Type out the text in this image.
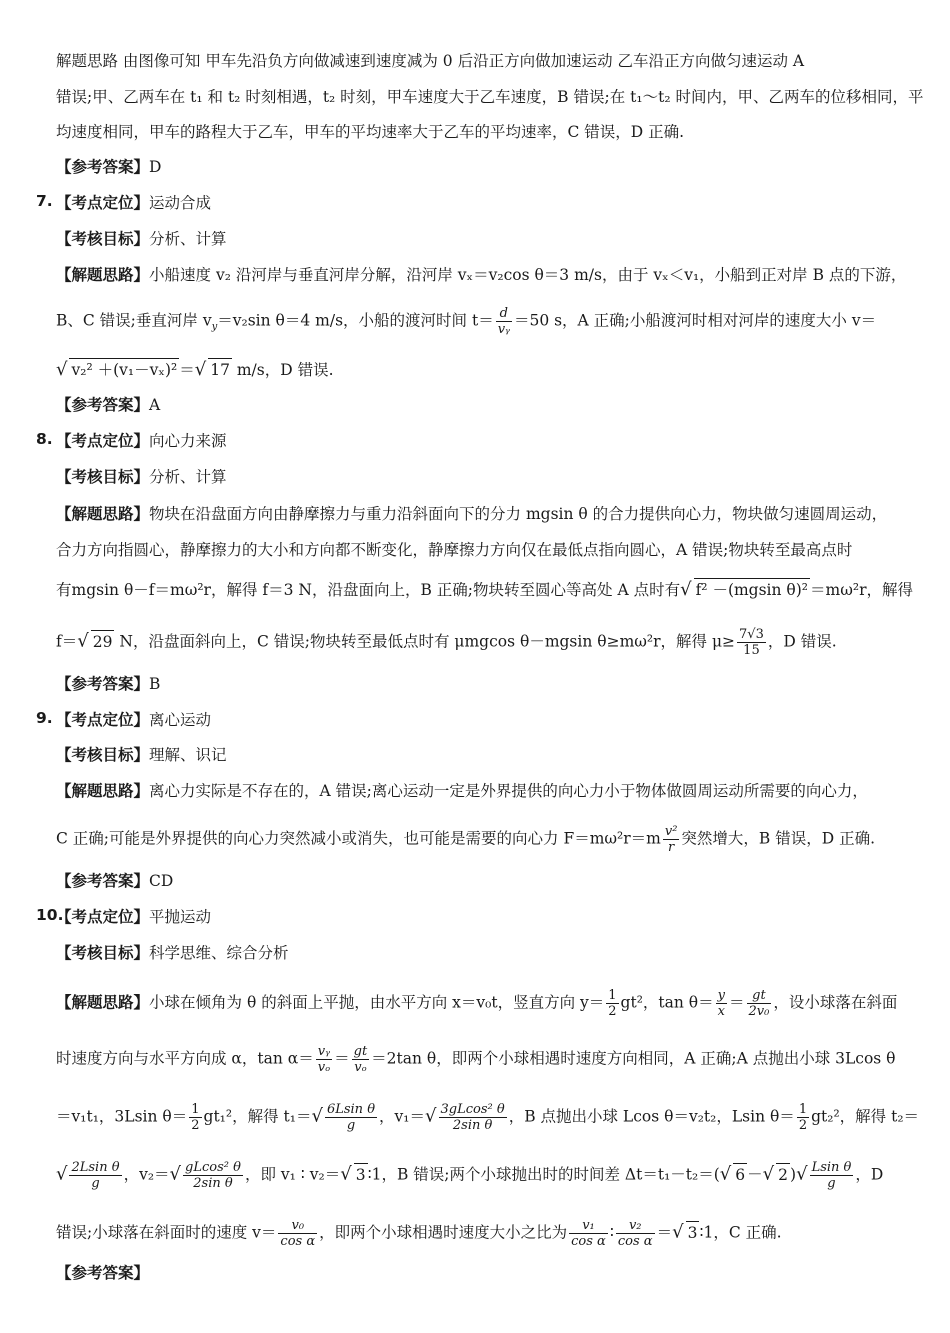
解题思路 由图像可知 甲车先沿负方向做减速到速度减为 0 后沿正方向做加速运动 乙车沿正方向做匀速运动 A
错误;甲、乙两车在 t₁ 和 t₂ 时刻相遇，t₂ 时刻，甲车速度大于乙车速度，B 错误;在 t₁～t₂ 时间内，甲、乙两车的位移相同，平
均速度相同，甲车的路程大于乙车，甲车的平均速率大于乙车的平均速率，C 错误，D 正确.
【参考答案】D
7. 【考点定位】运动合成
【考核目标】分析、计算
【解题思路】小船速度 v₂ 沿河岸与垂直河岸分解，沿河岸 vₓ＝v₂cos θ＝3 m/s，由于 vₓ＜v₁，小船到正对岸 B 点的下游，
B、C 错误;垂直河岸 $v_y=v_2\sin$ θ＝4 m/s，小船的渡河时间 $t= \frac{d}{\text{vᵧ}} =50$ s，A 正确;小船渡河时相对河岸的速度大小 v＝
√ v₂² ＋(v₁－vₓ)² ＝√ 17 m/s，D 错误.
【参考答案】A
8. 【考点定位】向心力来源
【考核目标】分析、计算
【解题思路】物块在沿盘面方向由静摩擦力与重力沿斜面向下的分力 mgsin θ 的合力提供向心力，物块做匀速圆周运动，
合力方向指圆心，静摩擦力的大小和方向都不断变化，静摩擦力方向仅在最低点指向圆心，A 错误;物块转至最高点时
有mgsin θ－f＝mω²r，解得 f＝3 N，沿盘面向上，B 正确;物块转至圆心等高处 A 点时有√ f² －(mgsin θ)² ＝mω²r，解得
f＝√ 29 N，沿盘面斜向上，C 错误;物块转至最低点时有 μmgcos θ－mgsin θ≥mω²r，解得 $\mu\ge \frac{7√3}{15}$ ，D 错误.
【参考答案】B
9. 【考点定位】离心运动
【考核目标】理解、识记
【解题思路】离心力实际是不存在的，A 错误;离心运动一定是外界提供的向心力小于物体做圆周运动所需要的向心力，
C 正确;可能是外界提供的向心力突然减小或消失，也可能是需要的向心力 $F=m\omega^2r=m \frac{\text{v²}}{r}$ 突然增大，B 错误，D 正确.
【参考答案】CD
10.
【考点定位】平抛运动
【考核目标】科学思维、综合分析
【解题思路】小球在倾角为 θ 的斜面上平抛，由水平方向 x＝v₀t，竖直方向 $y= \frac{1}{2} gt^2$，$\tan \theta= \frac{y}{x} = \frac{gt}{\text{2v₀}}$ ，设小球落在斜面
时速度方向与水平方向成 α，$\tan \alpha= \frac{\text{vᵧ}}{\text{vₒ}} = \frac{gt}{\text{vₒ}} =2\tan$ θ，即两个小球相遇时速度方向相同，A 正确;A 点抛出小球 3Lcos θ
＝v₁t₁，3Lsin $\theta= \frac{1}{2} gt_1^2$，解得 $t_1=√ \frac{\text{6Lsin θ}}{g}$ ，$v_1=√ \frac{\text{3gLcos² θ}}{\text{2sin θ}}$ ，B 点抛出小球 Lcos θ＝v₂t₂，Lsin $\theta= \frac{1}{2} gt_2^2$，解得 t₂＝
√ $\frac{\text{2Lsin θ}}{g}$ ，$v_2=√ \frac{\text{gLcos² θ}}{\text{2sin θ}}$ ，即 v₁ ∶ v₂＝√ 3 ∶1，B 错误;两个小球抛出时的时间差 Δt＝t₁－t₂＝(√ 6 －√ 2 )√ $\frac{\text{Lsin θ}}{g}$ ，D
错误;小球落在斜面时的速度 $v= \frac{\text{v₀}}{\text{cos α}}$ ，即两个小球相遇时速度大小之比为 $\frac{\text{v₁}}{\text{cos α}}$ ∶ $\frac{\text{v₂}}{\text{cos α}}$ ＝√ 3 ∶1，C 正确.
【参考答案】
